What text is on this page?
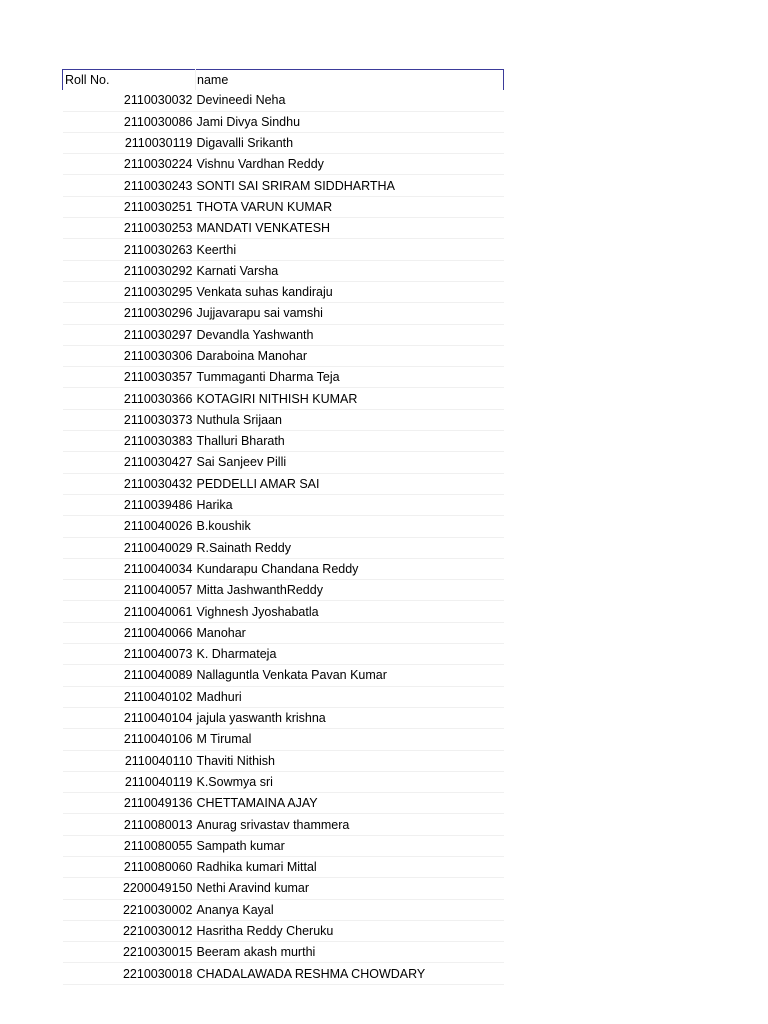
Roll No.	name
2110030032	Devineedi Neha
2110030086	Jami Divya Sindhu
2110030119	Digavalli Srikanth
2110030224	Vishnu Vardhan Reddy
2110030243	SONTI SAI SRIRAM SIDDHARTHA
2110030251	THOTA VARUN KUMAR
2110030253	MANDATI VENKATESH
2110030263	Keerthi
2110030292	Karnati Varsha
2110030295	Venkata suhas kandiraju
2110030296	Jujjavarapu sai vamshi
2110030297	Devandla Yashwanth
2110030306	Daraboina Manohar
2110030357	Tummaganti Dharma Teja
2110030366	KOTAGIRI NITHISH KUMAR
2110030373	Nuthula Srijaan
2110030383	Thalluri Bharath
2110030427	Sai Sanjeev Pilli
2110030432	PEDDELLI AMAR SAI
2110039486	Harika
2110040026	B.koushik
2110040029	R.Sainath Reddy
2110040034	Kundarapu Chandana Reddy
2110040057	Mitta JashwanthReddy
2110040061	Vighnesh Jyoshabatla
2110040066	Manohar
2110040073	K. Dharmateja
2110040089	Nallaguntla Venkata Pavan Kumar
2110040102	Madhuri
2110040104	jajula yaswanth krishna
2110040106	M Tirumal
2110040110	Thaviti Nithish
2110040119	K.Sowmya sri
2110049136	CHETTAMAINA AJAY
2110080013	Anurag srivastav thammera
2110080055	Sampath kumar
2110080060	Radhika kumari Mittal
2200049150	Nethi Aravind kumar
2210030002	Ananya Kayal
2210030012	Hasritha Reddy Cheruku
2210030015	Beeram akash murthi
2210030018	CHADALAWADA RESHMA CHOWDARY
